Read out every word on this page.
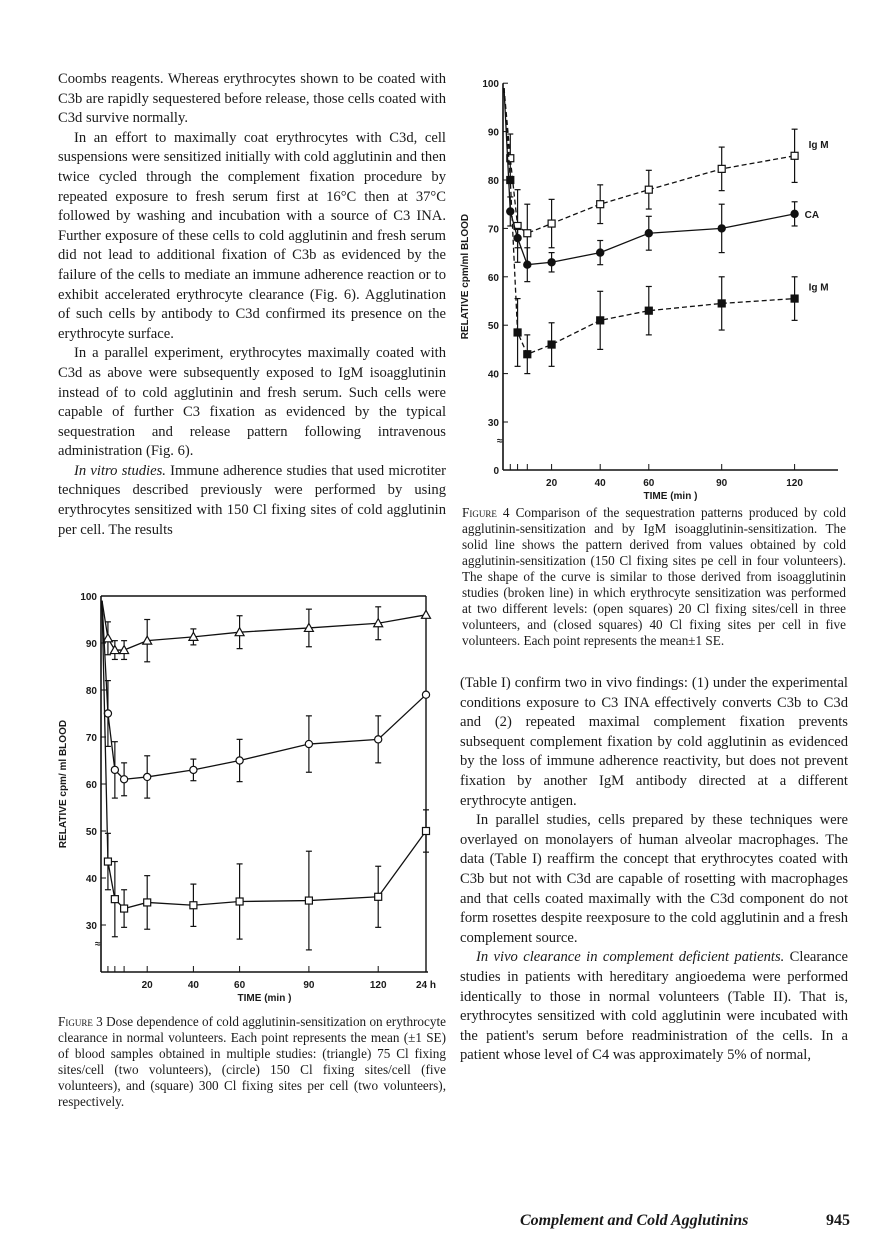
Coombs reagents. Whereas erythrocytes shown to be coated with C3b are rapidly sequestered before release, those cells coated with C3d survive normally.

In an effort to maximally coat erythrocytes with C3d, cell suspensions were sensitized initially with cold agglutinin and then twice cycled through the complement fixation procedure by repeated exposure to fresh serum first at 16°C then at 37°C followed by washing and incubation with a source of C3 INA. Further exposure of these cells to cold agglutinin and fresh serum did not lead to additional fixation of C3b as evidenced by the failure of the cells to mediate an immune adherence reaction or to exhibit accelerated erythrocyte clearance (Fig. 6). Agglutination of such cells by antibody to C3d confirmed its presence on the erythrocyte surface.

In a parallel experiment, erythrocytes maximally coated with C3d as above were subsequently exposed to IgM isoagglutinin instead of to cold agglutinin and fresh serum. Such cells were capable of further C3 fixation as evidenced by the typical sequestration and release pattern following intravenous administration (Fig. 6).

In vitro studies. Immune adherence studies that used microtiter techniques described previously were performed by using erythrocytes sensitized with 150 Cl fixing sites of cold agglutinin per cell. The results

≈
100
90
80
70
60
50
40
30
20	40	60	90	120	24 h
TIME (min )
RELATIVE cpm/ ml BLOOD
Figure 3 Dose dependence of cold agglutinin-sensitization on erythrocyte clearance in normal volunteers. Each point represents the mean (±1 SE) of blood samples obtained in multiple studies: (triangle) 75 Cl fixing sites/cell (two volunteers), (circle) 150 Cl fixing sites/cell (five volunteers), and (square) 300 Cl fixing sites per cell (two volunteers), respectively.
≈
100
90
80
70
60
50
40
30
0
20	40	60	90	120
TIME (min )
RELATIVE cpm/ml BLOOD
Ig M
CA
Ig M
Figure 4 Comparison of the sequestration patterns produced by cold agglutinin-sensitization and by IgM isoagglutinin-sensitization. The solid line shows the pattern derived from values obtained by cold agglutinin-sensitization (150 Cl fixing sites pe cell in four volunteers). The shape of the curve is similar to those derived from isoagglutinin studies (broken line) in which erythrocyte sensitization was performed at two different levels: (open squares) 20 Cl fixing sites/cell in three volunteers, and (closed squares) 40 Cl fixing sites per cell in five volunteers. Each point represents the mean±1 SE.

(Table I) confirm two in vivo findings: (1) under the experimental conditions exposure to C3 INA effectively converts C3b to C3d and (2) repeated maximal complement fixation prevents subsequent complement fixation by cold agglutinin as evidenced by the loss of immune adherence reactivity, but does not prevent fixation by another IgM antibody directed at a different erythrocyte antigen.

In parallel studies, cells prepared by these techniques were overlayed on monolayers of human alveolar macrophages. The data (Table I) reaffirm the concept that erythrocytes coated with C3b but not with C3d are capable of rosetting with macrophages and that cells coated maximally with the C3d component do not form rosettes despite reexposure to the cold agglutinin and a fresh complement source.

In vivo clearance in complement deficient patients. Clearance studies in patients with hereditary angioedema were performed identically to those in normal volunteers (Table II). That is, erythrocytes sensitized with cold agglutinin were incubated with the patient's serum before readministration of the cells. In a patient whose level of C4 was approximately 5% of normal,

Complement and Cold Agglutinins	945
